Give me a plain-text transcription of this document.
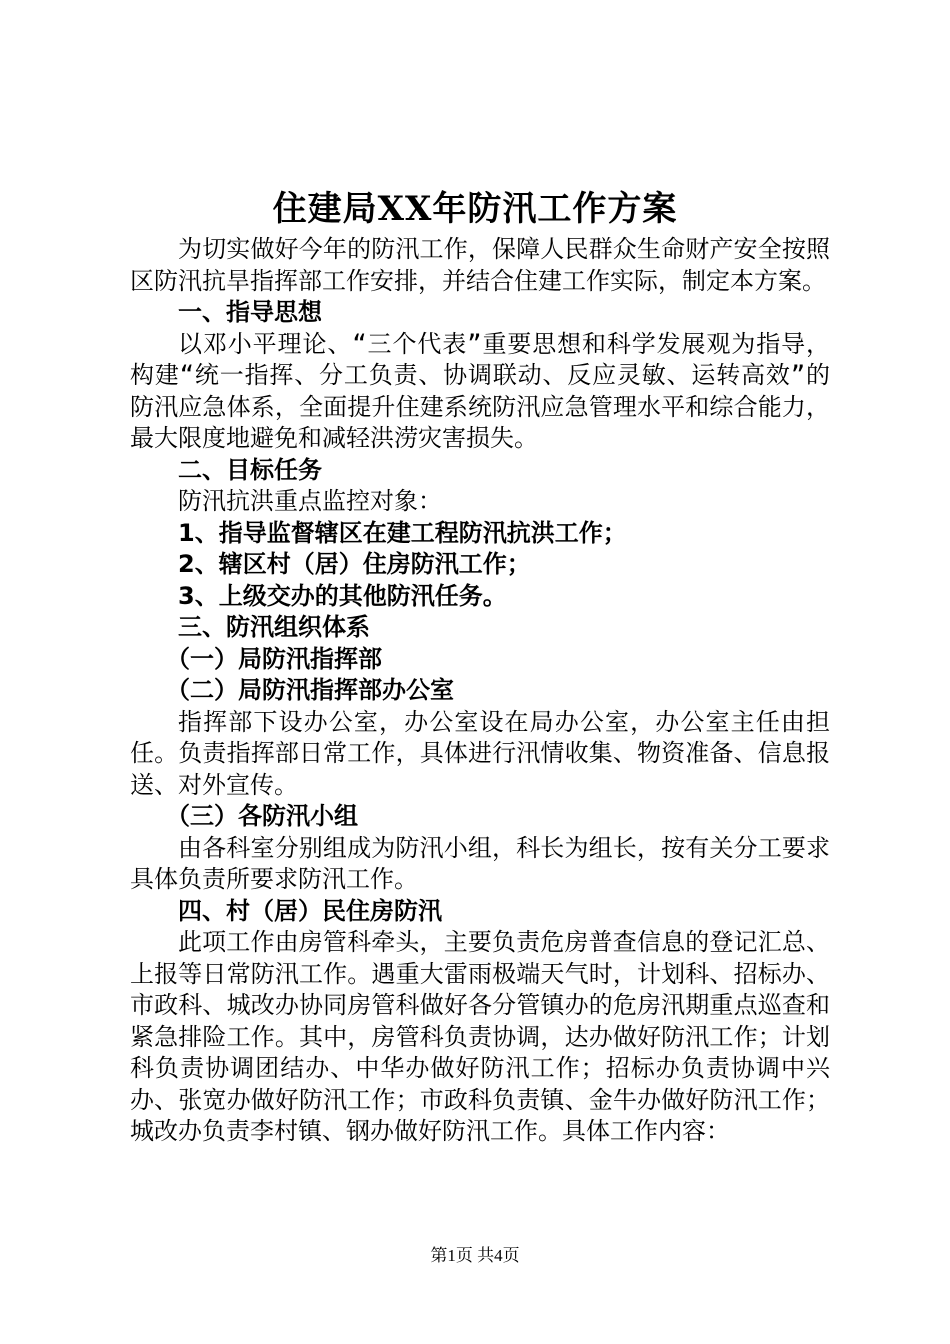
住建局XX年防汛工作方案

为切实做好今年的防汛工作，保障人民群众生命财产安全按照区防汛抗旱指挥部工作安排，并结合住建工作实际，制定本方案。

一、指导思想

以邓小平理论、“三个代表”重要思想和科学发展观为指导，构建“统一指挥、分工负责、协调联动、反应灵敏、运转高效”的防汛应急体系，全面提升住建系统防汛应急管理水平和综合能力，最大限度地避免和减轻洪涝灾害损失。

二、目标任务

防汛抗洪重点监控对象：

1、指导监督辖区在建工程防汛抗洪工作；

2、辖区村（居）住房防汛工作；

3、上级交办的其他防汛任务。

三、防汛组织体系

（一）局防汛指挥部

（二）局防汛指挥部办公室

指挥部下设办公室，办公室设在局办公室，办公室主任由担任。负责指挥部日常工作，具体进行汛情收集、物资准备、信息报送、对外宣传。

（三）各防汛小组

由各科室分别组成为防汛小组，科长为组长，按有关分工要求具体负责所要求防汛工作。

四、村（居）民住房防汛

此项工作由房管科牵头，主要负责危房普查信息的登记汇总、上报等日常防汛工作。遇重大雷雨极端天气时，计划科、招标办、市政科、城改办协同房管科做好各分管镇办的危房汛期重点巡查和紧急排险工作。其中，房管科负责协调，达办做好防汛工作；计划科负责协调团结办、中华办做好防汛工作；招标办负责协调中兴办、张宽办做好防汛工作；市政科负责镇、金牛办做好防汛工作；城改办负责李村镇、钢办做好防汛工作。具体工作内容：

第1页 共4页
